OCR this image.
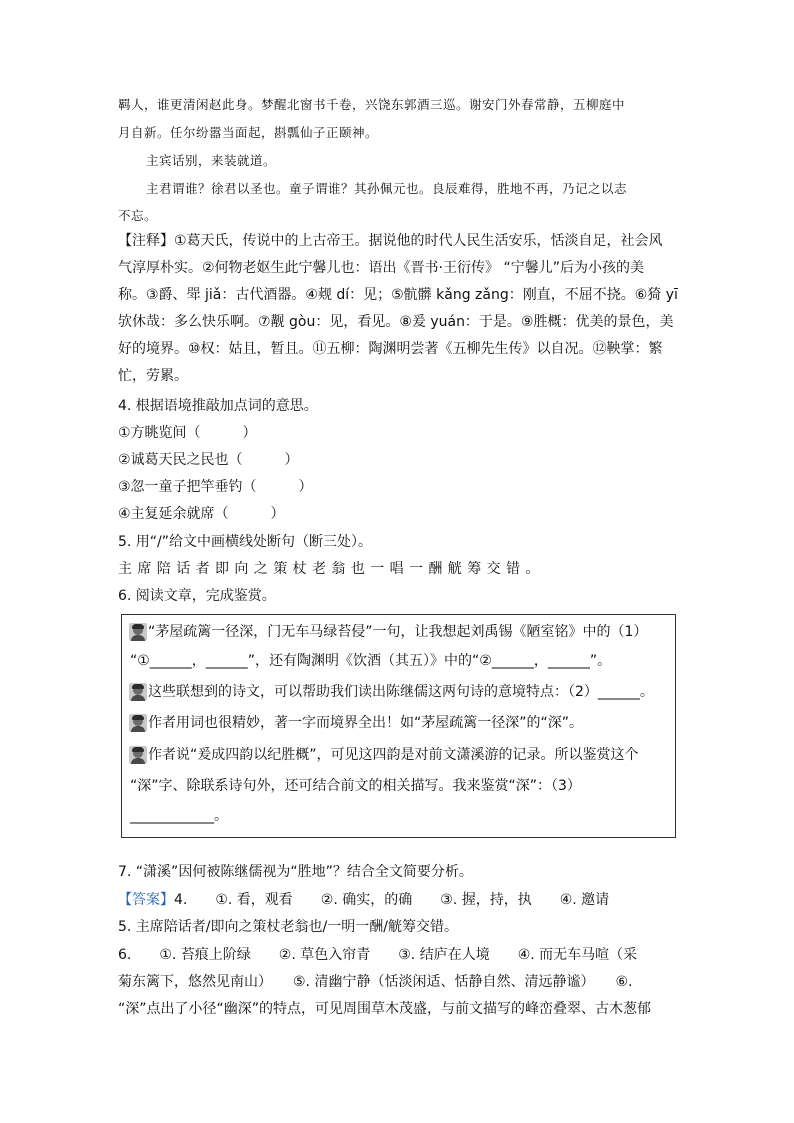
羁人，谁更清闲赵此身。梦醒北窗书千卷，兴饶东郭酒三巡。谢安门外春常静，五柳庭中
月自新。任尔纷嚣当面起，斟瓢仙子正颐神。
主宾话别，来装就道。
主君谓谁？徐君以圣也。童子谓谁？其孙佩元也。良辰难得，胜地不再，乃记之以志
不忘。
【注释】①葛天氏，传说中的上古帝王。据说他的时代人民生活安乐，恬淡自足，社会风
气淳厚朴实。②何物老妪生此宁馨儿也：语出《晋书·王衍传》 “宁馨儿”后为小孩的美
称。③爵、斝 jiǎ：古代酒器。④觌 dí：见；⑤骯髒 kǎng zǎng：刚直，不屈不挠。⑥猗 yī
欤休哉：多么快乐啊。⑦觏 gòu：见，看见。⑧爰 yuán：于是。⑨胜概：优美的景色，美
好的境界。⑩权：姑且，暂且。⑪五柳：陶渊明尝著《五柳先生传》以自况。⑫鞅掌：繁
忙，劳累。
4. 根据语境推敲加点词的意思。
①方眺览间（　　　）
②诚葛天民之民也（　　　）
③忽一童子把竿垂钓（　　　）
④主复延余就席（　　　）
5. 用“/”给文中画横线处断句（断三处）。
主席陪话者即向之策杖老翁也一唱一酬觥筹交错。
6. 阅读文章，完成鉴赏。
“茅屋疏篱一径深，门无车马绿苔侵”一句，让我想起刘禹锡《陋室铭》中的（1）
“①______，______”，还有陶渊明《饮酒（其五）》中的“②______，______”。
这些联想到的诗文，可以帮助我们读出陈继儒这两句诗的意境特点：（2）______。
作者用词也很精妙，著一字而境界全出！如“茅屋疏篱一径深”的“深”。
作者说“爰成四韵以纪胜概”，可见这四韵是对前文潇溪游的记录。所以鉴赏这个
“深”字、除联系诗句外，还可结合前文的相关描写。我来鉴赏“深”：（3）
____________。
7. “潇溪”因何被陈继儒视为“胜地”？结合全文简要分析。
【答案】4.　　①. 看，观看　　②. 确实，的确　　③. 握，持，执　　④. 邀请
5. 主席陪话者/即向之策杖老翁也/一明一酬/觥筹交错。
6.　　①. 苔痕上阶绿　　②. 草色入帘青　　③. 结庐在人境　　④. 而无车马喧（采
菊东篱下，悠然见南山）　　⑤. 清幽宁静（恬淡闲适、恬静自然、清远静谧）　　⑥.
“深”点出了小径“幽深”的特点，可见周围草木茂盛，与前文描写的峰峦叠翠、古木葱郁
